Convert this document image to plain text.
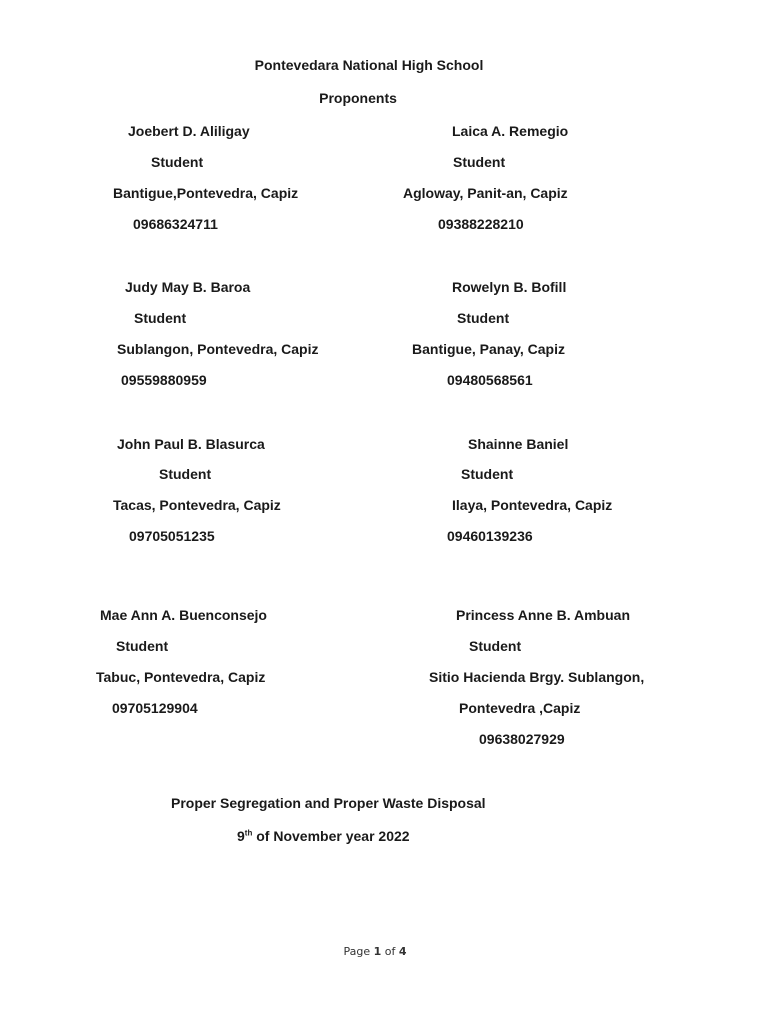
Pontevedara National High School
Proponents
Joebert D. Aliligay
Student
Bantigue,Pontevedra, Capiz
09686324711
Laica A. Remegio
Student
Agloway, Panit-an, Capiz
09388228210
Judy May B. Baroa
Student
Sublangon, Pontevedra, Capiz
09559880959
Rowelyn B. Bofill
Student
Bantigue, Panay, Capiz
09480568561
John Paul B. Blasurca
Student
Tacas, Pontevedra, Capiz
09705051235
Shainne Baniel
Student
Ilaya, Pontevedra, Capiz
09460139236
Mae Ann A. Buenconsejo
Student
Tabuc, Pontevedra, Capiz
09705129904
Princess Anne B. Ambuan
Student
Sitio Hacienda Brgy. Sublangon,
Pontevedra ,Capiz
09638027929
Proper Segregation and Proper Waste Disposal
9th of November year 2022
Page 1 of 4
